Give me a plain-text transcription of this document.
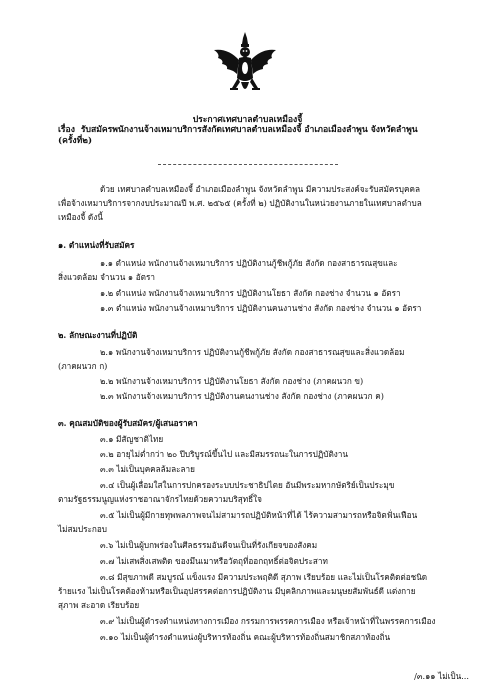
ประกาศเทศบาลตำบลเหมืองจี้
เรื่อง รับสมัครพนักงานจ้างเหมาบริการสังกัดเทศบาลตำบลเหมืองจี้ อำเภอเมืองลำพูน จังหวัดลำพูน
(ครั้งที่๒)
ด้วย เทศบาลตำบลเหมืองจี้ อำเภอเมืองลำพูน จังหวัดลำพูน มีความประสงค์จะรับสมัครบุคคล
เพื่อจ้างเหมาบริการจากงบประมาณปี พ.ศ. ๒๕๖๕ (ครั้งที่ ๒) ปฏิบัติงานในหน่วยงานภายในเทศบาลตำบล
เหมืองจี้ ดังนี้
๑. ตำแหน่งที่รับสมัคร
๑.๑ ตำแหน่ง พนักงานจ้างเหมาบริการ ปฏิบัติงานกู้ชีพกู้ภัย สังกัด กองสาธารณสุขและ
สิ่งแวดล้อม จำนวน ๑ อัตรา
๑.๒ ตำแหน่ง พนักงานจ้างเหมาบริการ ปฏิบัติงานโยธา สังกัด กองช่าง จำนวน ๑ อัตรา
๑.๓ ตำแหน่ง พนักงานจ้างเหมาบริการ ปฏิบัติงานคนงานช่าง สังกัด กองช่าง จำนวน ๑ อัตรา
๒. ลักษณะงานที่ปฏิบัติ
๒.๑ พนักงานจ้างเหมาบริการ ปฏิบัติงานกู้ชีพกู้ภัย สังกัด กองสาธารณสุขและสิ่งแวดล้อม
(ภาคผนวก ก)
๒.๒ พนักงานจ้างเหมาบริการ ปฏิบัติงานโยธา สังกัด กองช่าง (ภาคผนวก ข)
๒.๓ พนักงานจ้างเหมาบริการ ปฏิบัติงานคนงานช่าง สังกัด กองช่าง (ภาคผนวก ค)
๓. คุณสมบัติของผู้รับสมัคร/ผู้เสนอราคา
๓.๑ มีสัญชาติไทย
๓.๒ อายุไม่ต่ำกว่า ๒๐ ปีบริบูรณ์ขึ้นไป และมีสมรรถนะในการปฏิบัติงาน
๓.๓ ไม่เป็นบุคคลล้มละลาย
๓.๔ เป็นผู้เลื่อมใสในการปกครองระบบประชาธิปไตย อันมีพระมหากษัตริย์เป็นประมุข
ตามรัฐธรรมนูญแห่งราชอาณาจักรไทยด้วยความบริสุทธิ์ใจ
๓.๕ ไม่เป็นผู้มีกายทุพพลภาพจนไม่สามารถปฏิบัติหน้าที่ได้ ไร้ความสามารถหรือจิตฟั่นเฟือน
ไม่สมประกอบ
๓.๖ ไม่เป็นผู้บกพร่องในศีลธรรมอันดีจนเป็นที่รังเกียจของสังคม
๓.๗ ไม่เสพสิ่งเสพติด ของมึนเมาหรือวัตถุที่ออกฤทธิ์ต่อจิตประสาท
๓.๘ มีสุขภาพดี สมบูรณ์ แข็งแรง มีความประพฤติดี สุภาพ เรียบร้อย และไม่เป็นโรคติดต่อชนิด
ร้ายแรง ไม่เป็นโรคต้องห้ามหรือเป็นอุปสรรคต่อการปฏิบัติงาน มีบุคลิกภาพและมนุษยสัมพันธ์ดี แต่งกาย
สุภาพ สะอาด เรียบร้อย
๓.๙ ไม่เป็นผู้ดำรงตำแหน่งทางการเมือง กรรมการพรรคการเมือง หรือเจ้าหน้าที่ในพรรคการเมือง
๓.๑๐ ไม่เป็นผู้ดำรงตำแหน่งผู้บริหารท้องถิ่น คณะผู้บริหารท้องถิ่นสมาชิกสภาท้องถิ่น
/๓.๑๑ ไม่เป็น...
